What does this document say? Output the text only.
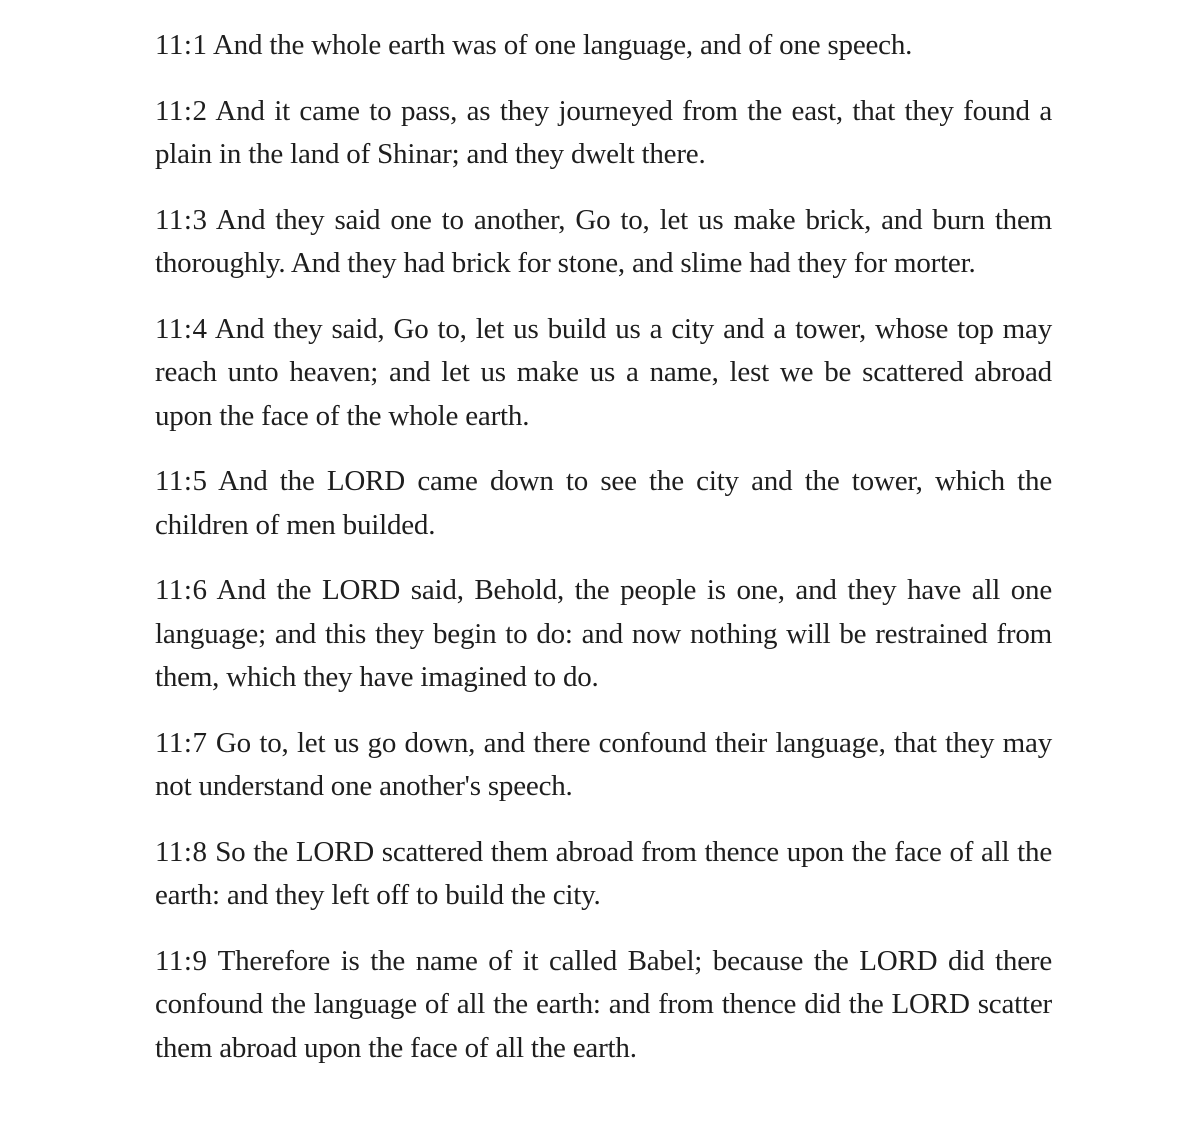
11:1 And the whole earth was of one language, and of one speech.

11:2 And it came to pass, as they journeyed from the east, that they found a plain in the land of Shinar; and they dwelt there.

11:3 And they said one to another, Go to, let us make brick, and burn them thoroughly. And they had brick for stone, and slime had they for morter.

11:4 And they said, Go to, let us build us a city and a tower, whose top may reach unto heaven; and let us make us a name, lest we be scattered abroad upon the face of the whole earth.

11:5 And the LORD came down to see the city and the tower, which the children of men builded.

11:6 And the LORD said, Behold, the people is one, and they have all one language; and this they begin to do: and now nothing will be restrained from them, which they have imagined to do.

11:7 Go to, let us go down, and there confound their language, that they may not understand one another's speech.

11:8 So the LORD scattered them abroad from thence upon the face of all the earth: and they left off to build the city.

11:9 Therefore is the name of it called Babel; because the LORD did there confound the language of all the earth: and from thence did the LORD scatter them abroad upon the face of all the earth.
